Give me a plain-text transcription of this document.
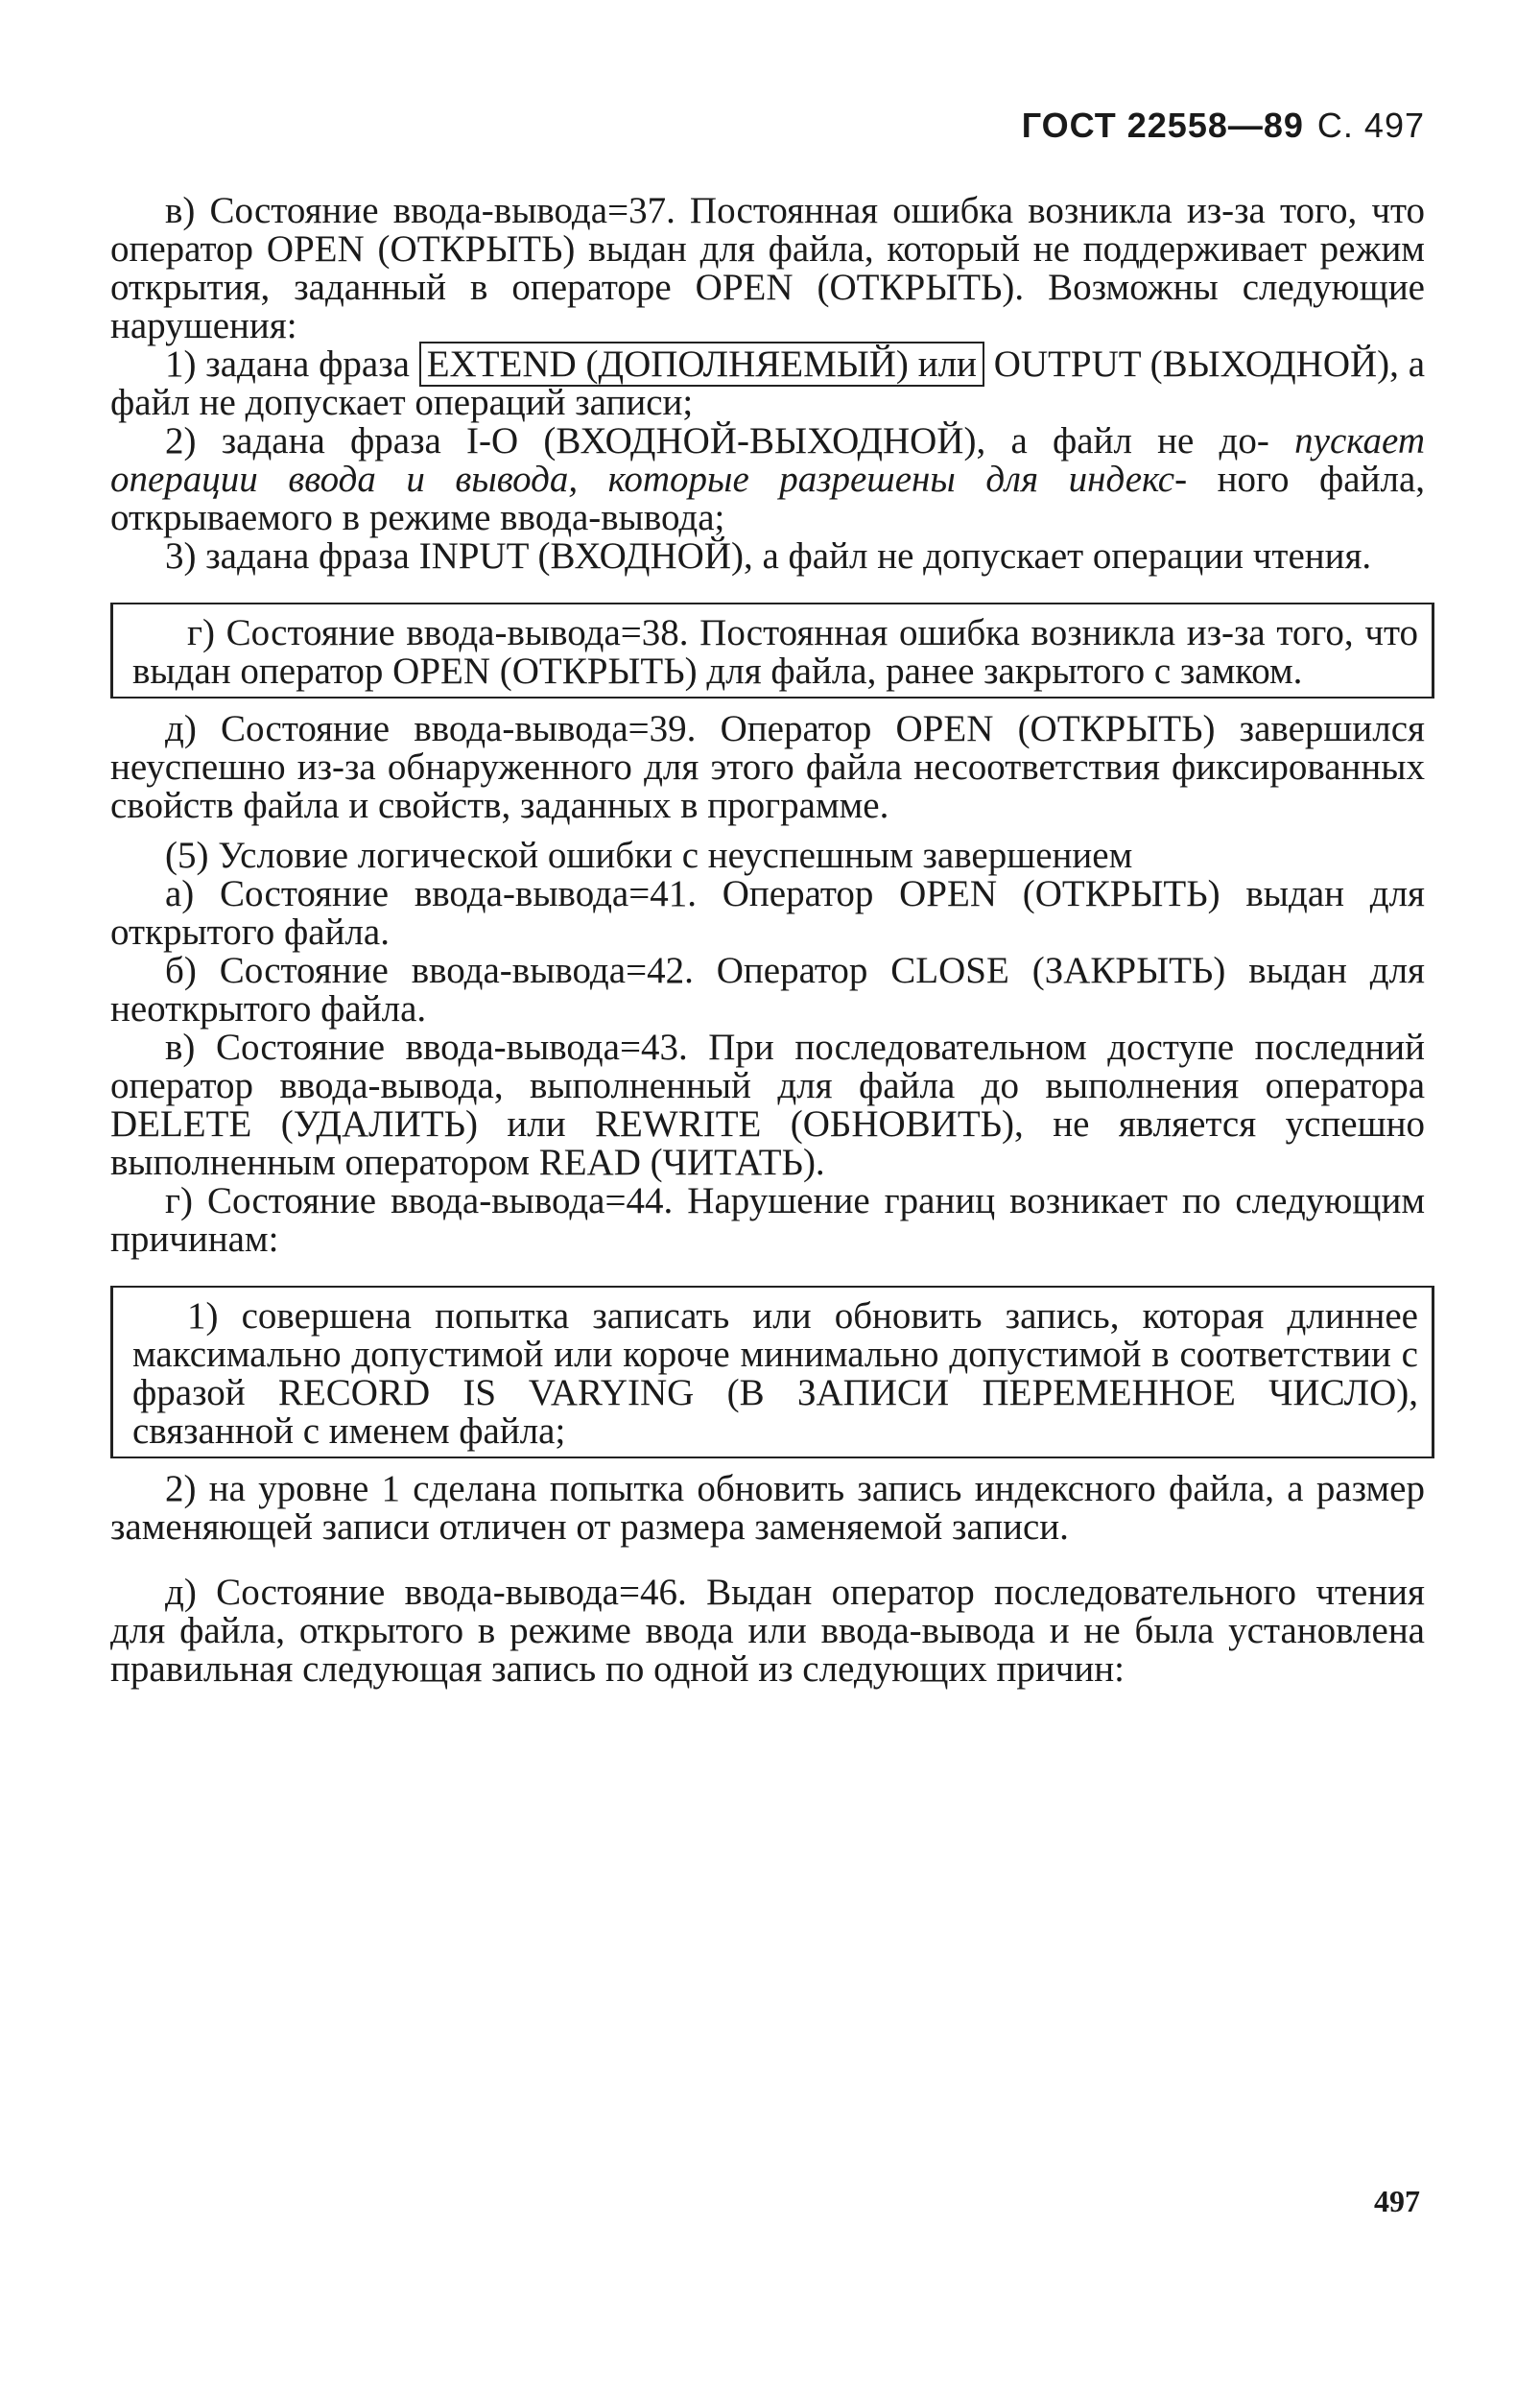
ГОСТ 22558—89 С. 497

в) Состояние ввода-вывода=37. Постоянная ошибка возникла из-за того, что оператор OPEN (ОТКРЫТЬ) выдан для файла, который не поддерживает режим открытия, заданный в операторе OPEN (ОТКРЫТЬ). Возможны следующие нарушения:

1) задана фраза EXTEND (ДОПОЛНЯЕМЫЙ) или OUTPUT (ВЫХОДНОЙ), а файл не допускает операций записи;

2) задана фраза I-O (ВХОДНОЙ-ВЫХОДНОЙ), а файл не до- пускает операции ввода и вывода, которые разрешены для индекс- ного файла, открываемого в режиме ввода-вывода;

3) задана фраза INPUT (ВХОДНОЙ), а файл не допускает операции чтения.

г) Состояние ввода-вывода=38. Постоянная ошибка возникла из-за того, что выдан оператор OPEN (ОТКРЫТЬ) для файла, ранее закрытого с замком.

д) Состояние ввода-вывода=39. Оператор OPEN (ОТКРЫТЬ) завершился неуспешно из-за обнаруженного для этого файла несоответствия фиксированных свойств файла и свойств, заданных в программе.

(5) Условие логической ошибки с неуспешным завершением

а) Состояние ввода-вывода=41. Оператор OPEN (ОТКРЫТЬ) выдан для открытого файла.

б) Состояние ввода-вывода=42. Оператор CLOSE (ЗАКРЫТЬ) выдан для неоткрытого файла.

в) Состояние ввода-вывода=43. При последовательном доступе последний оператор ввода-вывода, выполненный для файла до выполнения оператора DELETE (УДАЛИТЬ) или REWRITE (ОБНОВИТЬ), не является успешно выполненным оператором READ (ЧИТАТЬ).

г) Состояние ввода-вывода=44. Нарушение границ возникает по следующим причинам:

1) совершена попытка записать или обновить запись, которая длиннее максимально допустимой или короче минимально допустимой в соответствии с фразой RECORD IS VARYING (В ЗАПИСИ ПЕРЕМЕННОЕ ЧИСЛО), связанной с именем файла;

2) на уровне 1 сделана попытка обновить запись индексного файла, а размер заменяющей записи отличен от размера заменяемой записи.

д) Состояние ввода-вывода=46. Выдан оператор последовательного чтения для файла, открытого в режиме ввода или ввода-вывода и не была установлена правильная следующая запись по одной из следующих причин:

497
